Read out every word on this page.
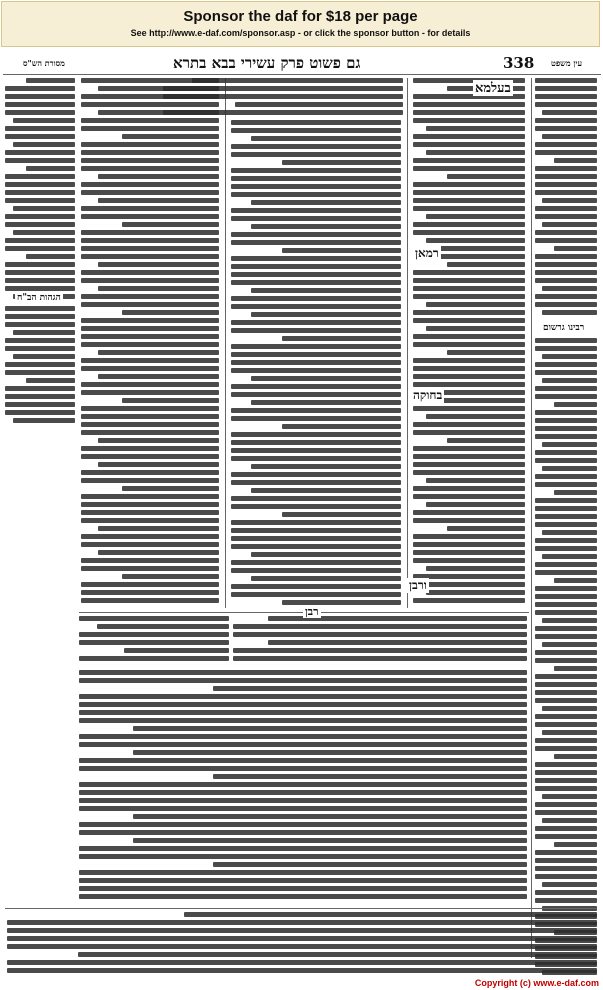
Sponsor the daf for $18 per page
See http://www.e-daf.com/sponsor.asp - or click the sponsor button - for details
מסורת הש"ס	גם פשוט פרק עשירי בבא בתרא	338 עין משפט
הגהות הב"ח
בעלמא
רמאן
בחוקה
ורבן
רבינו גרשום
רבן
Copyright (c) www.e-daf.com
